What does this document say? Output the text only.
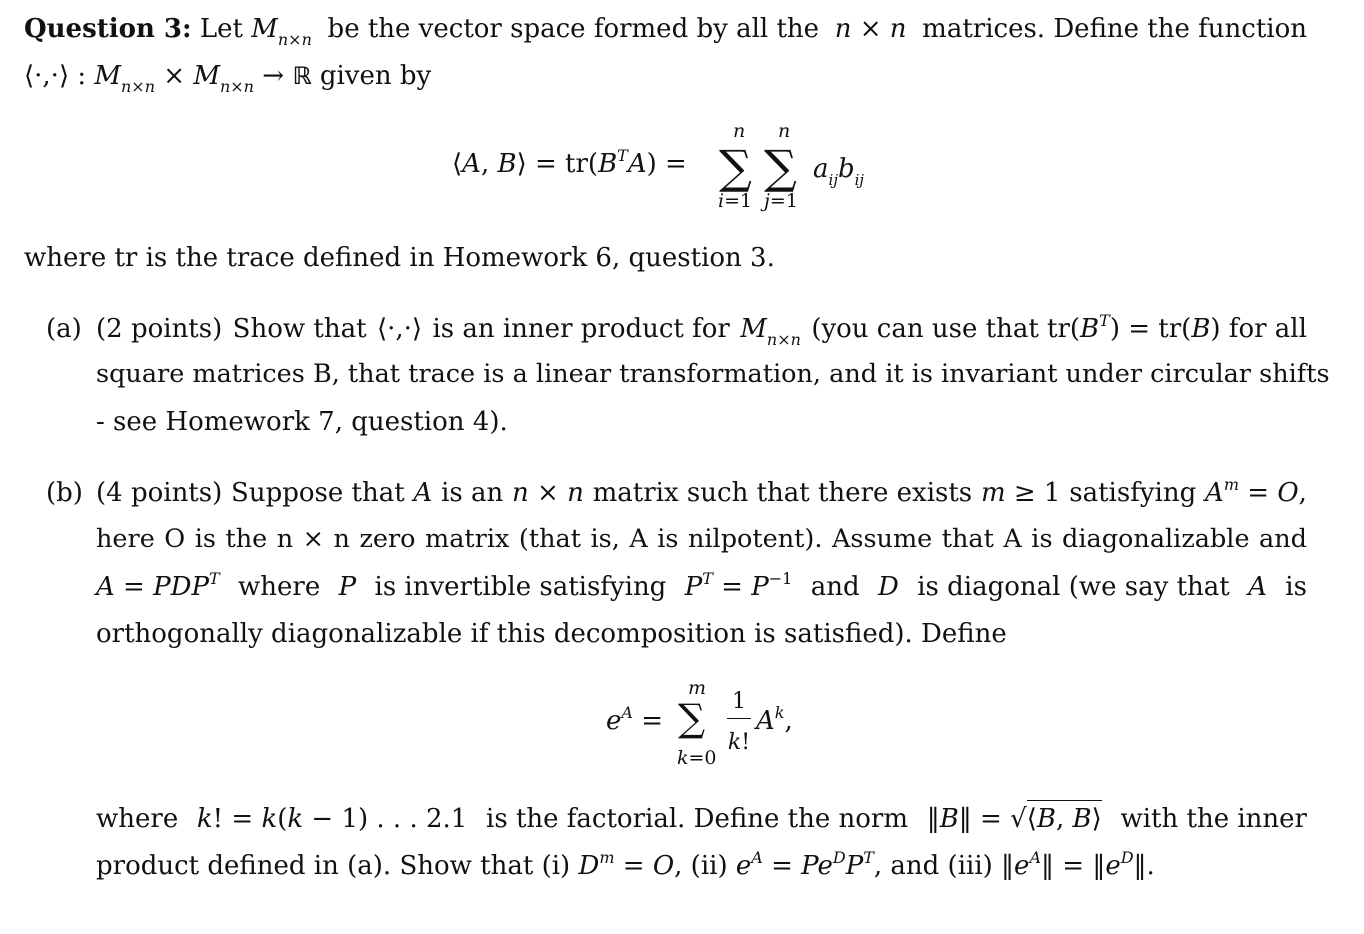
Question 3: Let $M_{n\times n}$ be the vector space formed by all the n × n matrices. Define the function
⟨·,·⟩ : $M_{n\times n} \times M_{n\times n}$ → ℝ given by
⟨A, B⟩ = $tr(B^TA)$ =
n
∑
i=1
n
∑
j=1
$a_{ij}b_{ij}$
where tr is the trace defined in Homework 6, question 3.
(a) (2 points) Show that ⟨·,·⟩ is an inner product for $M_{n\times n}$ (you can use that $tr(B^T) = tr(B)$ for all
square matrices B, that trace is a linear transformation, and it is invariant under circular shifts
- see Homework 7, question 4).
(b) (4 points) Suppose that A is an n × n matrix such that there exists m ≥ 1 satisfying $A^m = O$,
here O is the n × n zero matrix (that is, A is nilpotent). Assume that A is diagonalizable and
$A = PDP^T$ where P is invertible satisfying $P^T = P^{-1}$ and D is diagonal (we say that A is
orthogonally diagonalizable if this decomposition is satisfied). Define
$e^A$ =
m
∑
k=0
1
k!
$A^k$,
where k! = k(k − 1) . . . 2.1 is the factorial. Define the norm ‖B‖ = √⟨B, B⟩ with the inner
product defined in (a). Show that (i) $D^m = O$, (ii) $e^A = Pe^DP^T$, and (iii) $‖e^A‖$ = $‖e^D‖$.
